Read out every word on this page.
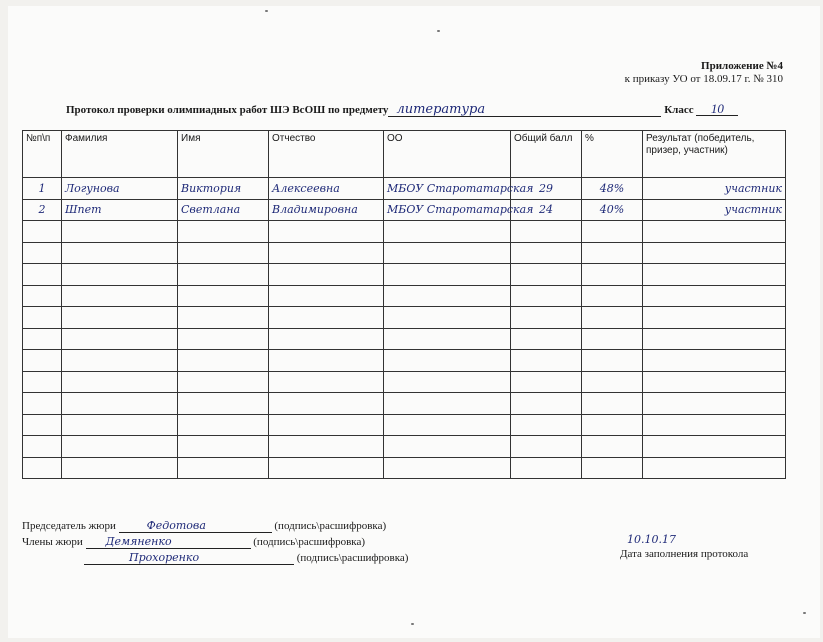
Приложение №4
к приказу УО от 18.09.17 г. № 310
Протокол проверки олимпиадных работ ШЭ ВсОШ по предмету литература	Класс 10
№п\п	Фамилия	Имя	Отчество	ОО	Общий балл	%	Результат (победитель, призер, участник)
1	Логунова	Виктория	Алексеевна	МБОУ Старотатарская	29	48%	участник
2	Шпет	Светлана	Владимировна	МБОУ Старотатарская	24	40%	участник

Председатель жюри	Федотова	(подпись\расшифровка)
Члены жюри Демяненко	(подпись\расшифровка)
Прохоренко	(подпись\расшифровка)
10.10.17
Дата заполнения протокола
